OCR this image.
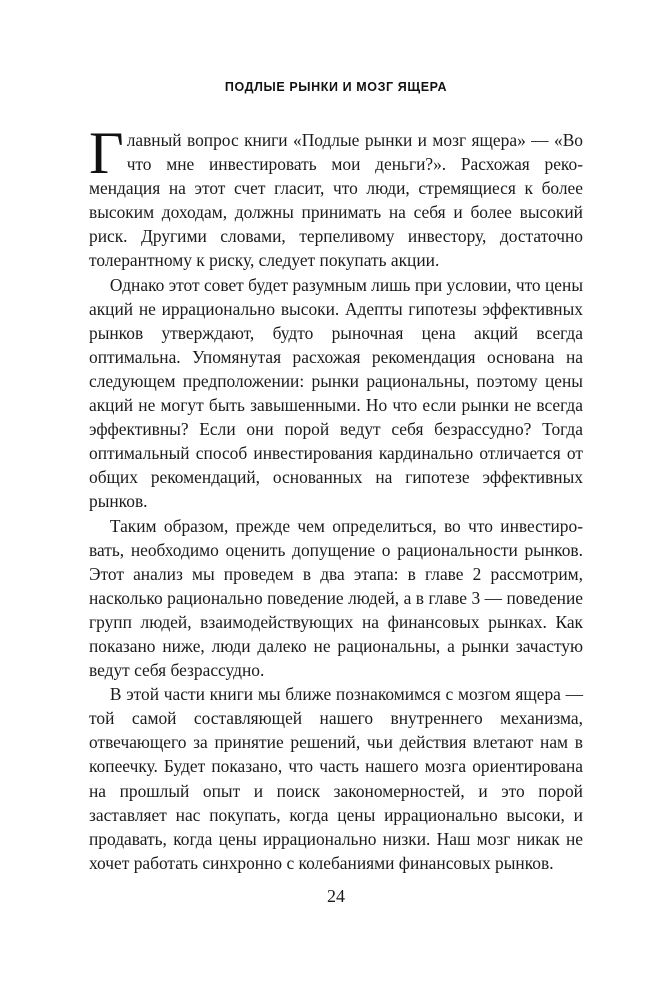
ПОДЛЫЕ РЫНКИ И МОЗГ ЯЩЕРА

Главный вопрос книги «Подлые рынки и мозг ящера» — «Во что мне инвестировать мои деньги?». Расхожая рекомендация на этот счет гласит, что люди, стремящиеся к более высоким доходам, должны принимать на себя и более высокий риск. Другими словами, терпеливому инвестору, достаточно толерантному к риску, следует покупать акции.

Однако этот совет будет разумным лишь при условии, что цены акций не иррационально высоки. Адепты гипотезы эффективных рынков утверждают, будто рыночная цена акций всегда оптимальна. Упомянутая расхожая рекомендация основана на следующем предположении: рынки рациональны, поэтому цены акций не могут быть завышенными. Но что если рынки не всегда эффективны? Если они порой ведут себя безрассудно? Тогда оптимальный способ инвестирования кардинально отличается от общих рекомендаций, основанных на гипотезе эффективных рынков.

Таким образом, прежде чем определиться, во что инвестировать, необходимо оценить допущение о рациональности рынков. Этот анализ мы проведем в два этапа: в главе 2 рассмотрим, насколько рационально поведение людей, а в главе 3 — поведение групп людей, взаимодействующих на финансовых рынках. Как показано ниже, люди далеко не рациональны, а рынки зачастую ведут себя безрассудно.

В этой части книги мы ближе познакомимся с мозгом ящера — той самой составляющей нашего внутреннего механизма, отвечающего за принятие решений, чьи действия влетают нам в копеечку. Будет показано, что часть нашего мозга ориентирована на прошлый опыт и поиск закономерностей, и это порой заставляет нас покупать, когда цены иррационально высоки, и продавать, когда цены иррационально низки. Наш мозг никак не хочет работать синхронно с колебаниями финансовых рынков.

24
